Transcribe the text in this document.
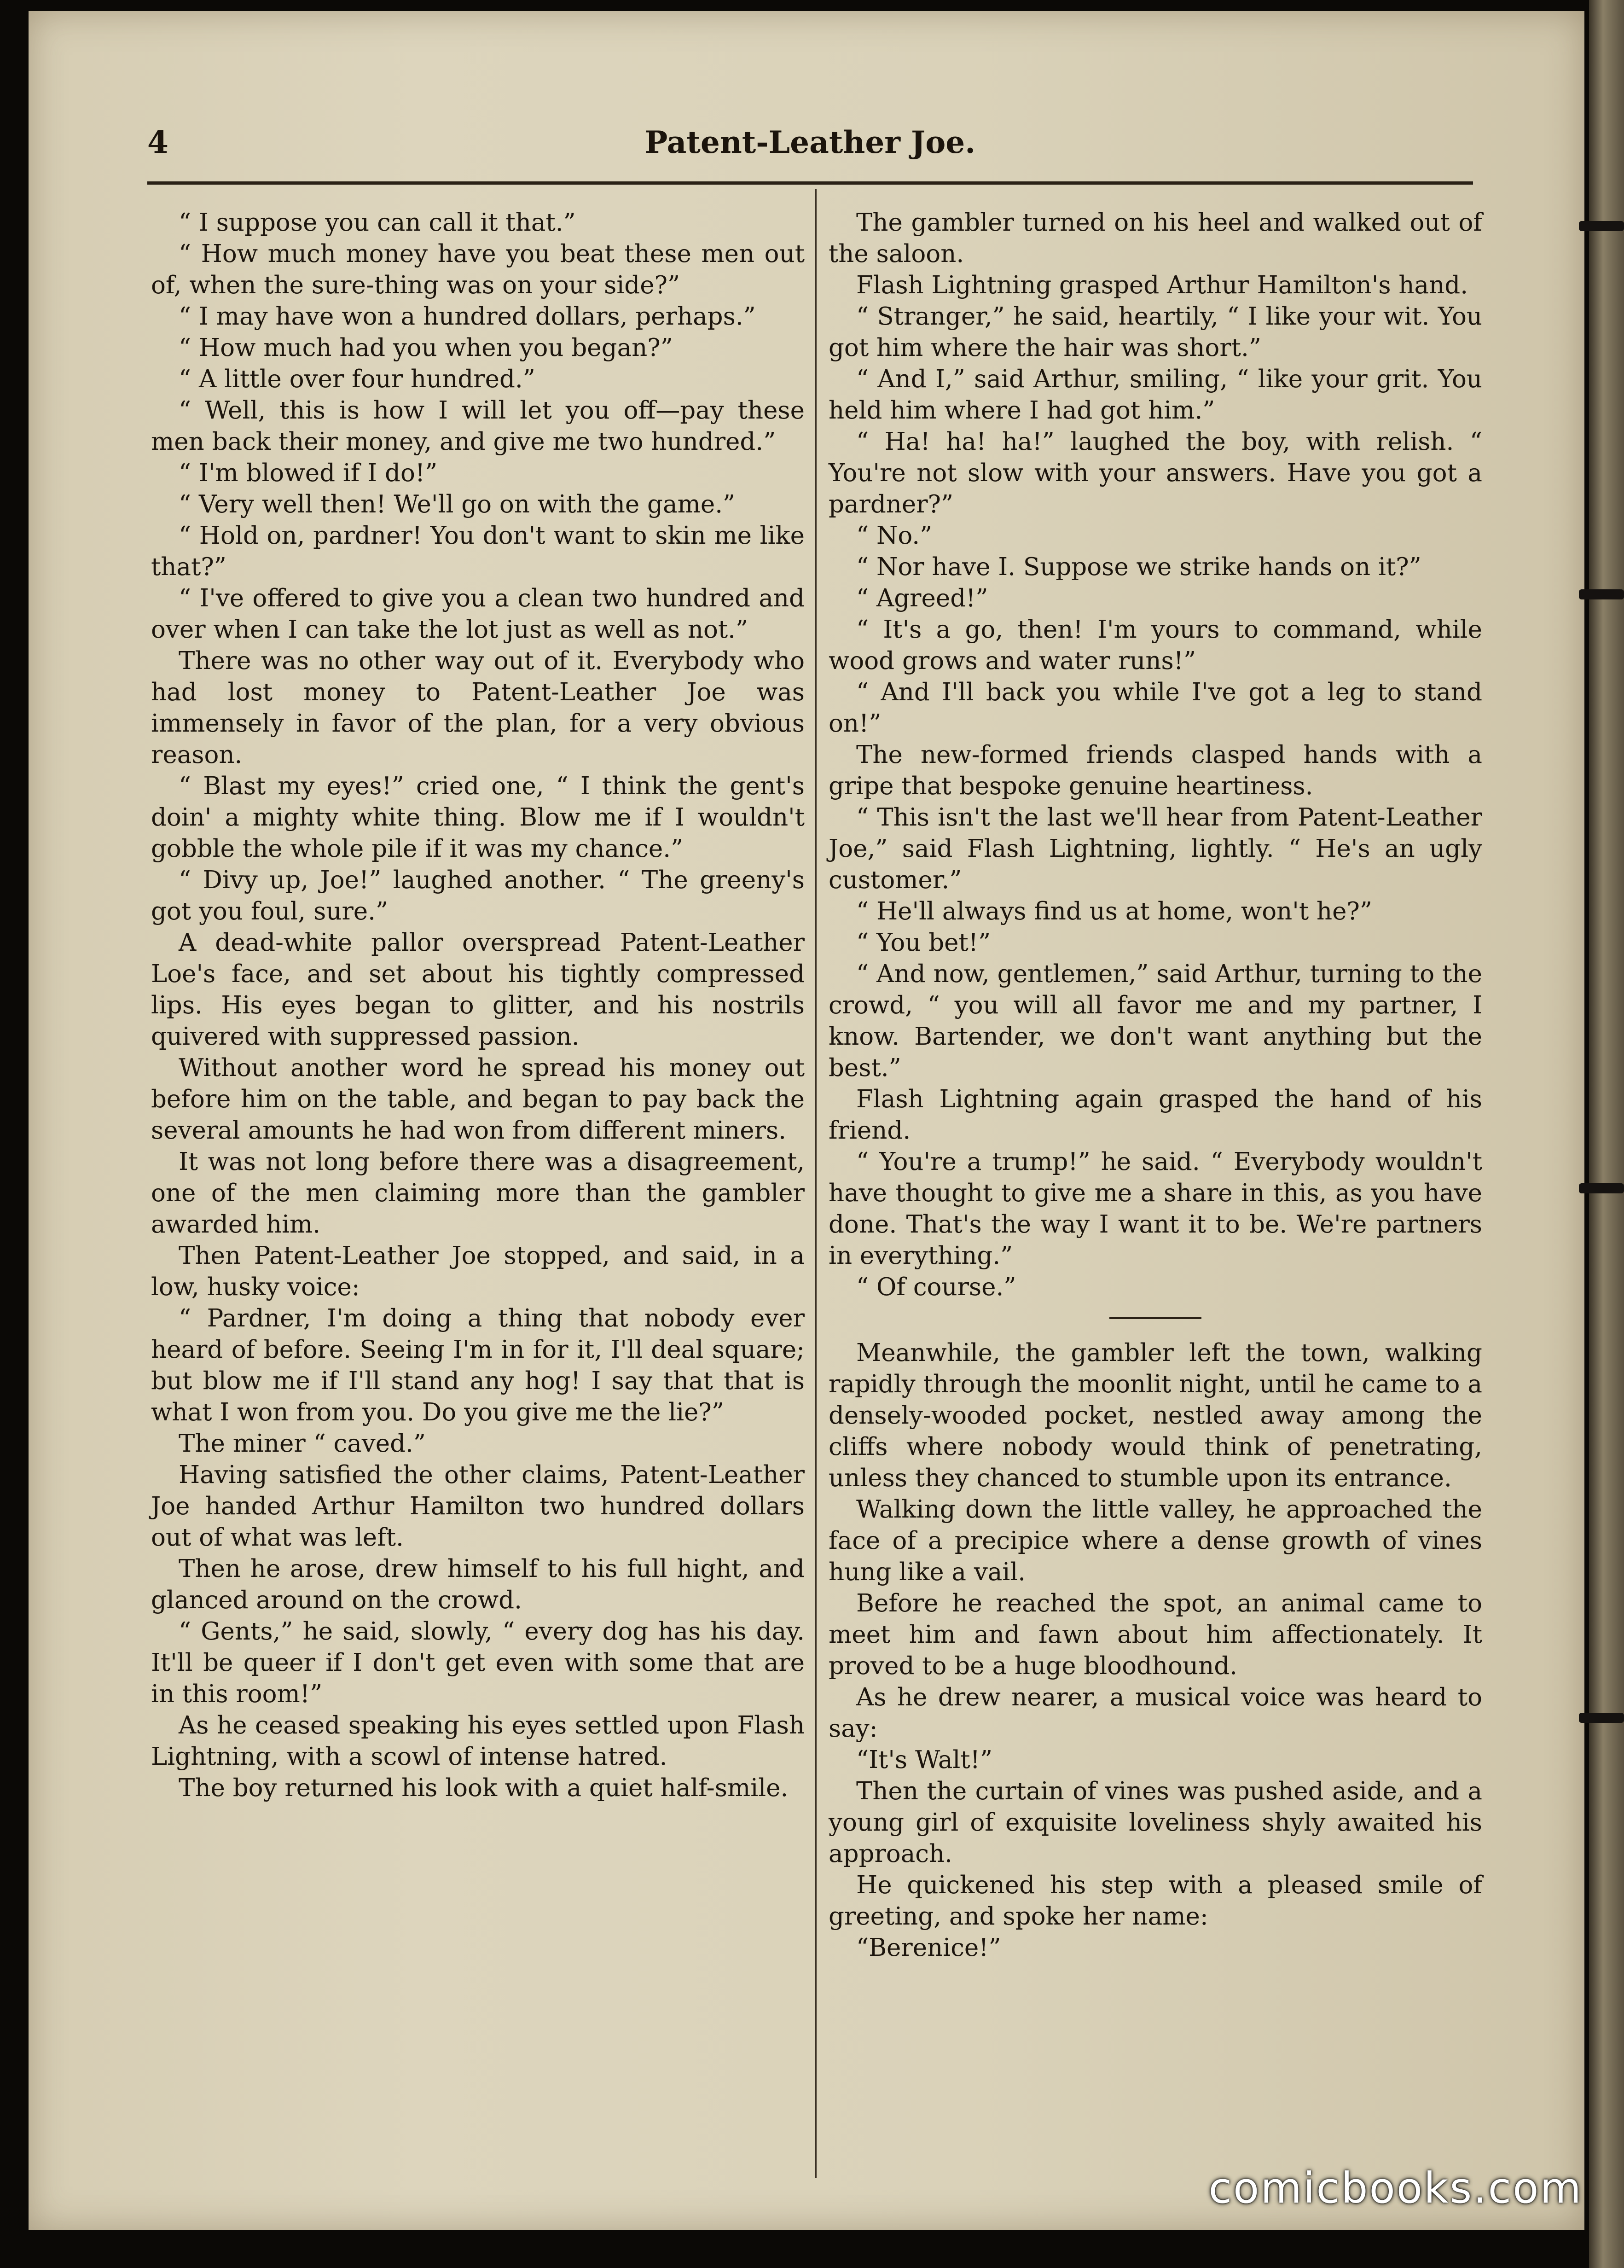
4	Patent-Leather Joe.

“ I suppose you can call it that.”

“ How much money have you beat these men out of, when the sure-thing was on your side?”

“ I may have won a hundred dollars, perhaps.”

“ How much had you when you began?”

“ A little over four hundred.”

“ Well, this is how I will let you off—pay these men back their money, and give me two hundred.”

“ I'm blowed if I do!”

“ Very well then! We'll go on with the game.”

“ Hold on, pardner! You don't want to skin me like that?”

“ I've offered to give you a clean two hundred and over when I can take the lot just as well as not.”

There was no other way out of it. Everybody who had lost money to Patent-Leather Joe was immensely in favor of the plan, for a very obvious reason.

“ Blast my eyes!” cried one, “ I think the gent's doin' a mighty white thing. Blow me if I wouldn't gobble the whole pile if it was my chance.”

“ Divy up, Joe!” laughed another. “ The greeny's got you foul, sure.”

A dead-white pallor overspread Patent-Leather Loe's face, and set about his tightly compressed lips. His eyes began to glitter, and his nostrils quivered with suppressed passion.

Without another word he spread his money out before him on the table, and began to pay back the several amounts he had won from different miners.

It was not long before there was a disagreement, one of the men claiming more than the gambler awarded him.

Then Patent-Leather Joe stopped, and said, in a low, husky voice:

“ Pardner, I'm doing a thing that nobody ever heard of before. Seeing I'm in for it, I'll deal square; but blow me if I'll stand any hog! I say that that is what I won from you. Do you give me the lie?”

The miner “ caved.”

Having satisfied the other claims, Patent-Leather Joe handed Arthur Hamilton two hundred dollars out of what was left.

Then he arose, drew himself to his full hight, and glanced around on the crowd.

“ Gents,” he said, slowly, “ every dog has his day. It'll be queer if I don't get even with some that are in this room!”

As he ceased speaking his eyes settled upon Flash Lightning, with a scowl of intense hatred.

The boy returned his look with a quiet half-smile.

The gambler turned on his heel and walked out of the saloon.

Flash Lightning grasped Arthur Hamilton's hand.

“ Stranger,” he said, heartily, “ I like your wit. You got him where the hair was short.”

“ And I,” said Arthur, smiling, “ like your grit. You held him where I had got him.”

“ Ha! ha! ha!” laughed the boy, with relish. “ You're not slow with your answers. Have you got a pardner?”

“ No.”

“ Nor have I. Suppose we strike hands on it?”

“ Agreed!”

“ It's a go, then! I'm yours to command, while wood grows and water runs!”

“ And I'll back you while I've got a leg to stand on!”

The new-formed friends clasped hands with a gripe that bespoke genuine heartiness.

“ This isn't the last we'll hear from Patent-Leather Joe,” said Flash Lightning, lightly. “ He's an ugly customer.”

“ He'll always find us at home, won't he?”

“ You bet!”

“ And now, gentlemen,” said Arthur, turning to the crowd, “ you will all favor me and my partner, I know. Bartender, we don't want anything but the best.”

Flash Lightning again grasped the hand of his friend.

“ You're a trump!” he said. “ Everybody wouldn't have thought to give me a share in this, as you have done. That's the way I want it to be. We're partners in everything.”

“ Of course.”

Meanwhile, the gambler left the town, walking rapidly through the moonlit night, until he came to a densely-wooded pocket, nestled away among the cliffs where nobody would think of penetrating, unless they chanced to stumble upon its entrance.

Walking down the little valley, he approached the face of a precipice where a dense growth of vines hung like a vail.

Before he reached the spot, an animal came to meet him and fawn about him affectionately. It proved to be a huge bloodhound.

As he drew nearer, a musical voice was heard to say:

“It's Walt!”

Then the curtain of vines was pushed aside, and a young girl of exquisite loveliness shyly awaited his approach.

He quickened his step with a pleased smile of greeting, and spoke her name:

“Berenice!”

comicbooks.com
